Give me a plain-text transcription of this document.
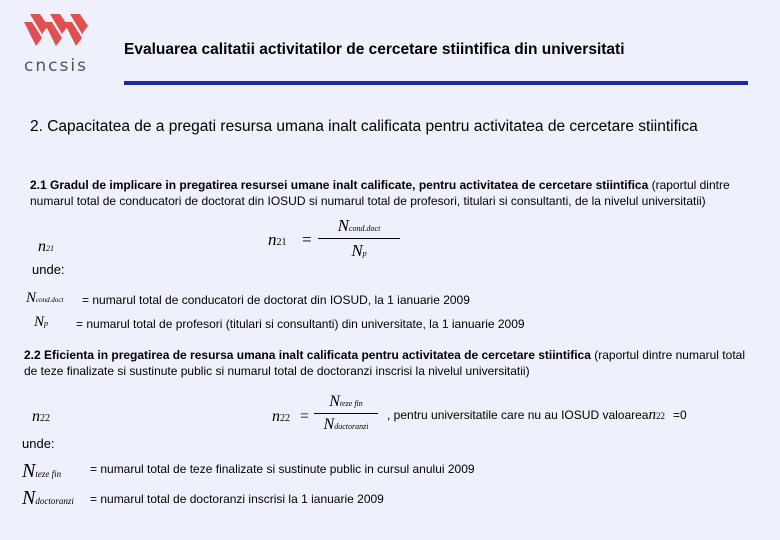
cncsis
Evaluarea calitatii activitatilor de cercetare stiintifica din universitati
2. Capacitatea de a pregati resursa umana inalt calificata pentru activitatea de cercetare stiintifica
2.1 Gradul de implicare in pregatirea resursei umane inalt calificate, pentru activitatea de cercetare stiintifica (raportul dintre numarul total de conducatori de doctorat din IOSUD si numarul total de profesori, titulari si consultanti, de la nivelul universitatii)
n21	n21 =
Ncond.doct
Np
unde:
Ncond.doct = numarul total de conducatori de doctorat din IOSUD, la 1 ianuarie 2009
Np = numarul total de profesori (titulari si consultanti) din universitate, la 1 ianuarie 2009
2.2 Eficienta in pregatirea de resursa umana inalt calificata pentru activitatea de cercetare stiintifica (raportul dintre numarul total de teze finalizate si sustinute public si numarul total de doctoranzi inscrisi la nivelul universitatii)
n22	n22 =
Nteze fin
Ndoctoranzi
, pentru universitatile care nu au IOSUD valoarean22 =0
unde:
Nteze fin = numarul total de teze finalizate si sustinute public in cursul anului 2009
Ndoctoranzi = numarul total de doctoranzi inscrisi la 1 ianuarie 2009
